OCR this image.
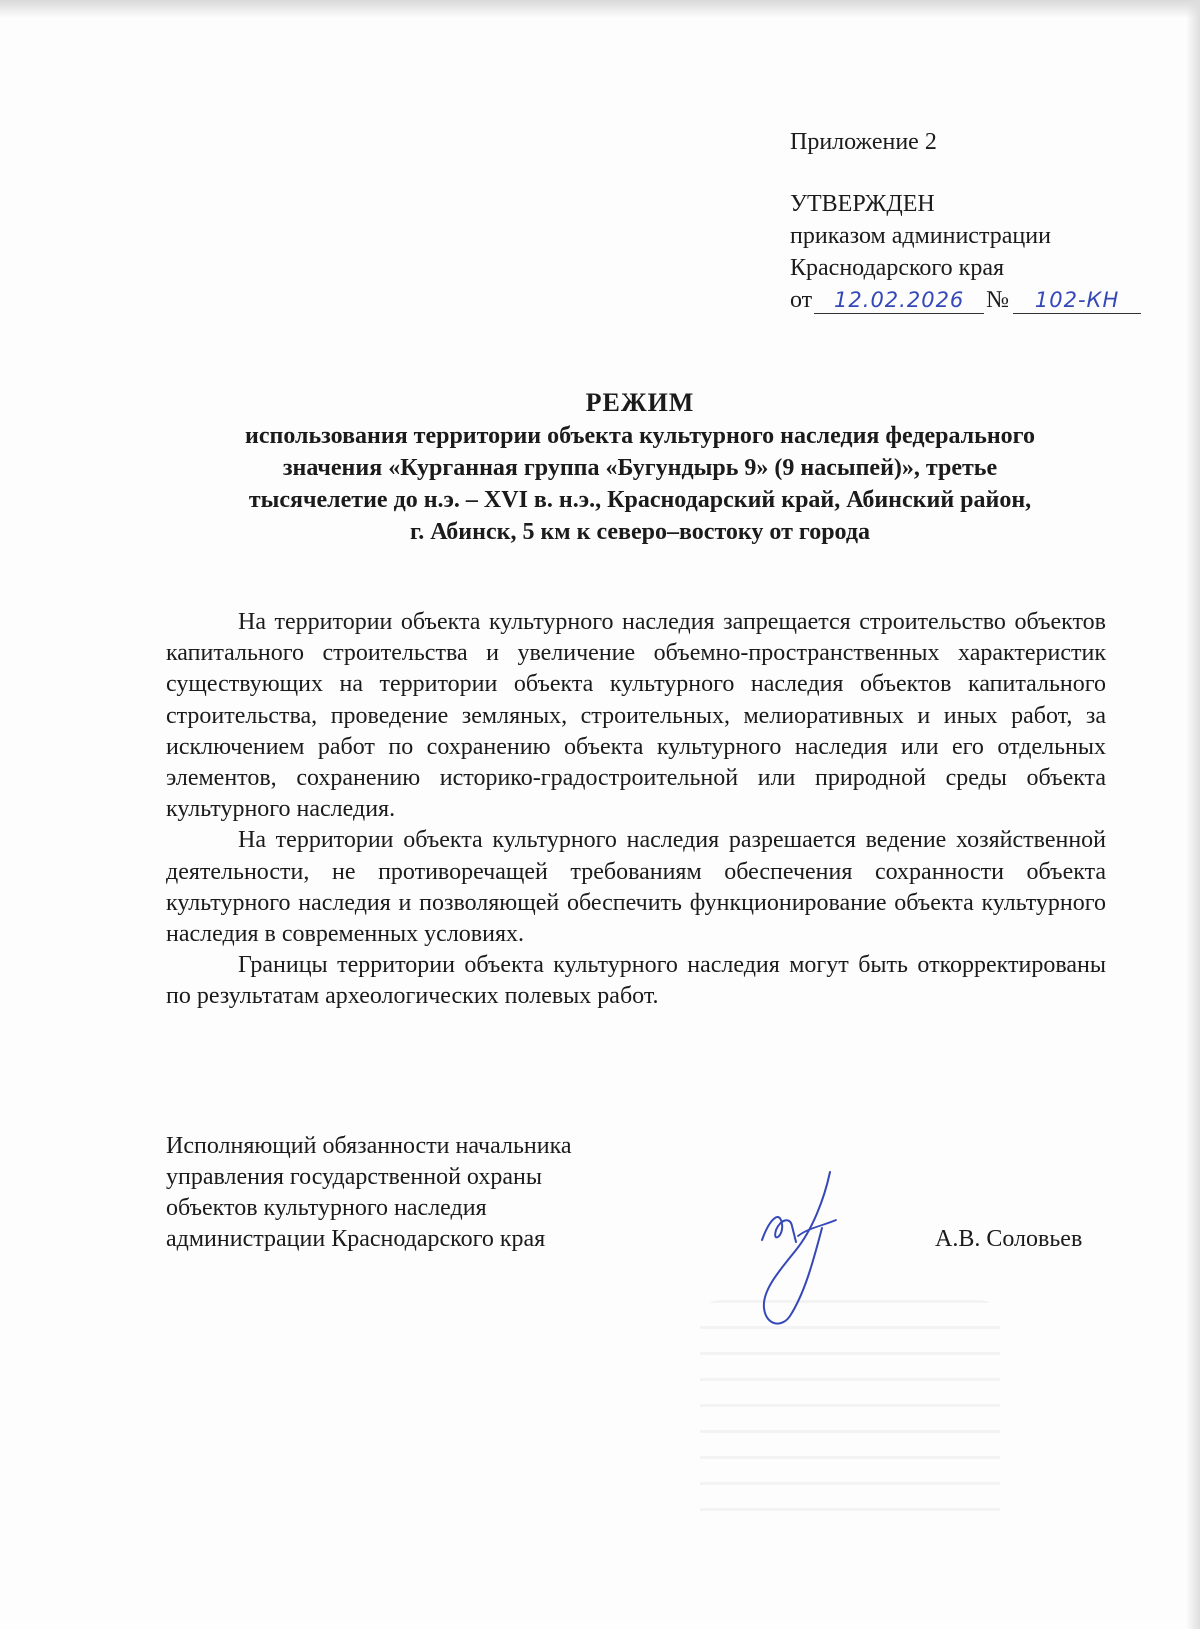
Приложение 2
УТВЕРЖДЕН
приказом администрации
Краснодарского края
от	12.02.2026 №	102-КН
РЕЖИМ

использования территории объекта культурного наследия федерального

значения «Курганная группа «Бугундырь 9» (9 насыпей)», третье

тысячелетие до н.э. – XVI в. н.э., Краснодарский край, Абинский район,

г. Абинск, 5 км к северо–востоку от города

На территории объекта культурного наследия запрещается строительство объектов капитального строительства и увеличение объемно-пространственных характеристик существующих на территории объекта культурного наследия объектов капитального строительства, проведение земляных, строительных, мелиоративных и иных работ, за исключением работ по сохранению объекта культурного наследия или его отдельных элементов, сохранению историко-градостроительной или природной среды объекта культурного наследия.

На территории объекта культурного наследия разрешается ведение хозяйственной деятельности, не противоречащей требованиям обеспечения сохранности объекта культурного наследия и позволяющей обеспечить функционирование объекта культурного наследия в современных условиях.

Границы территории объекта культурного наследия могут быть откорректированы по результатам археологических полевых работ.

Исполняющий обязанности начальника
управления государственной охраны
объектов культурного наследия
администрации Краснодарского края	А.В. Соловьев
